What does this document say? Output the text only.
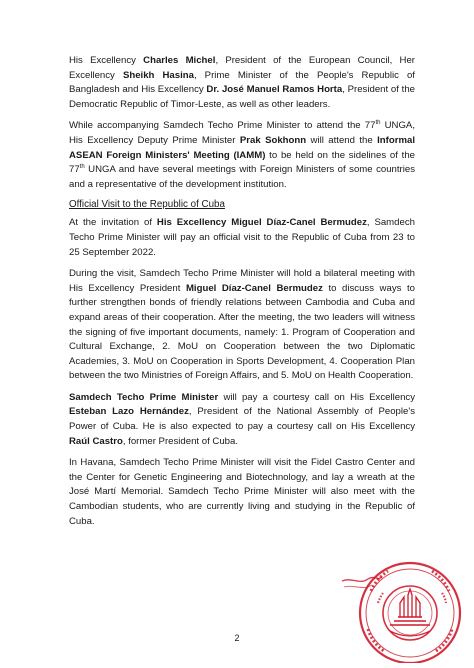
His Excellency Charles Michel, President of the European Council, Her Excellency Sheikh Hasina, Prime Minister of the People's Republic of Bangladesh and His Excellency Dr. José Manuel Ramos Horta, President of the Democratic Republic of Timor-Leste, as well as other leaders.

While accompanying Samdech Techo Prime Minister to attend the 77th UNGA, His Excellency Deputy Prime Minister Prak Sokhonn will attend the Informal ASEAN Foreign Ministers' Meeting (IAMM) to be held on the sidelines of the 77th UNGA and have several meetings with Foreign Ministers of some countries and a representative of the development institution.

Official Visit to the Republic of Cuba

At the invitation of His Excellency Miguel Díaz-Canel Bermudez, Samdech Techo Prime Minister will pay an official visit to the Republic of Cuba from 23 to 25 September 2022.

During the visit, Samdech Techo Prime Minister will hold a bilateral meeting with His Excellency President Miguel Díaz-Canel Bermudez to discuss ways to further strengthen bonds of friendly relations between Cambodia and Cuba and expand areas of their cooperation. After the meeting, the two leaders will witness the signing of five important documents, namely: 1. Program of Cooperation and Cultural Exchange, 2. MoU on Cooperation between the two Diplomatic Academies, 3. MoU on Cooperation in Sports Development, 4. Cooperation Plan between the two Ministries of Foreign Affairs, and 5. MoU on Health Cooperation.

Samdech Techo Prime Minister will pay a courtesy call on His Excellency Esteban Lazo Hernández, President of the National Assembly of People's Power of Cuba. He is also expected to pay a courtesy call on His Excellency Raúl Castro, former President of Cuba.

In Havana, Samdech Techo Prime Minister will visit the Fidel Castro Center and the Center for Genetic Engineering and Biotechnology, and lay a wreath at the José Martí Memorial. Samdech Techo Prime Minister will also meet with the Cambodian students, who are currently living and studying in the Republic of Cuba.

2
